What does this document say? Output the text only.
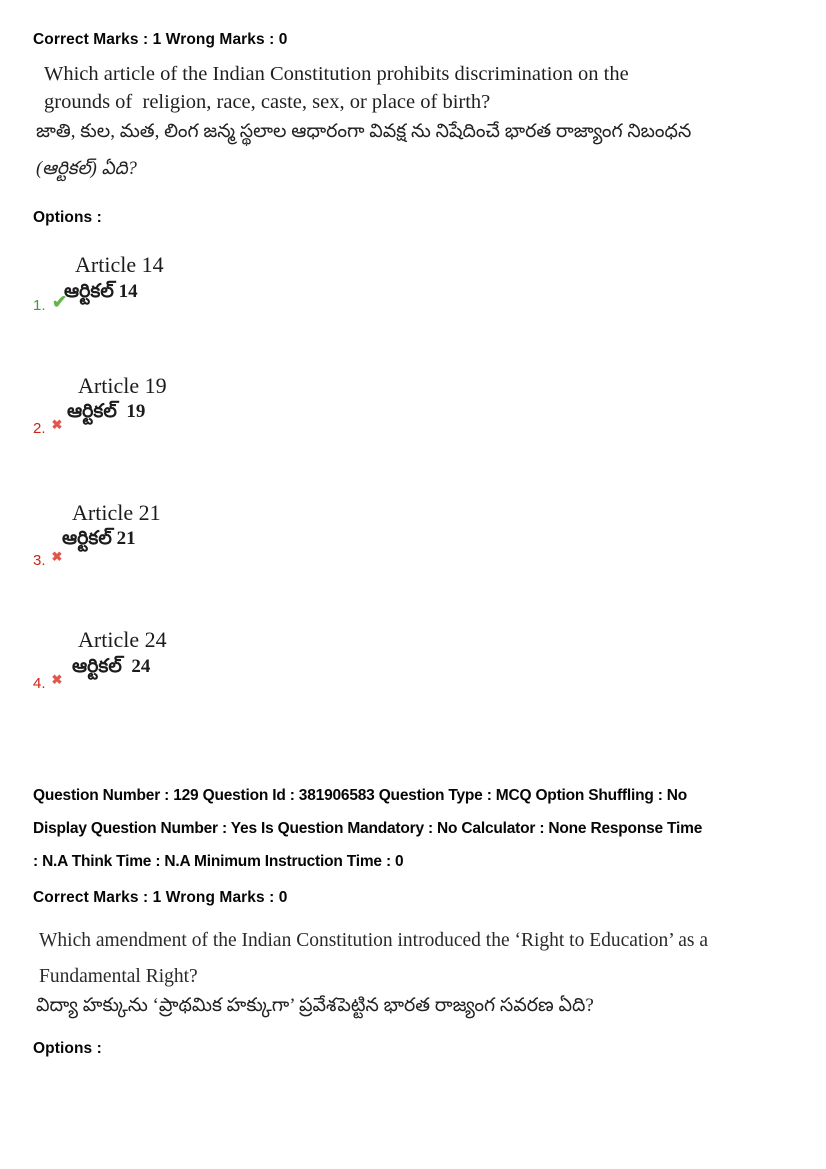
Correct Marks : 1 Wrong Marks : 0
Which article of the Indian Constitution prohibits discrimination on the
grounds of  religion, race, caste, sex, or place of birth?
జాతి, కుల, మత, లింగ జన్మ స్థలాల ఆధారంగా వివక్ష ను నిషేదించే భారత రాజ్యాంగ నిబంధన
(ఆర్టికల్) ఏది?
Options :
Article 14
ఆర్టికల్ 14
1. ✔
Article 19
ఆర్టికల్  19
2. ✖
Article 21
ఆర్టికల్ 21
3. ✖
Article 24
ఆర్టికల్  24
4. ✖
Question Number : 129 Question Id : 381906583 Question Type : MCQ Option Shuffling : No
Display Question Number : Yes Is Question Mandatory : No Calculator : None Response Time
: N.A Think Time : N.A Minimum Instruction Time : 0
Correct Marks : 1 Wrong Marks : 0
Which amendment of the Indian Constitution introduced the ‘Right to Education’ as a
Fundamental Right?
విద్యా హక్కును ‘ప్రాథమిక హక్కుగా’ ప్రవేశపెట్టిన భారత రాజ్యంగ సవరణ ఏది?
Options :
